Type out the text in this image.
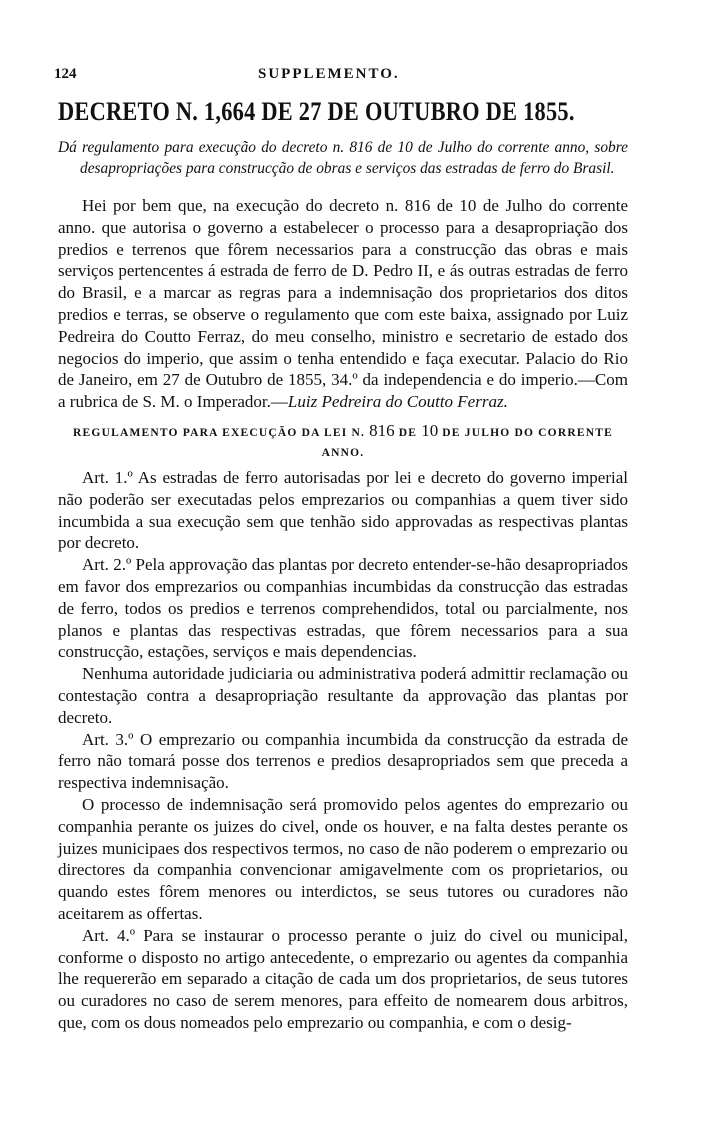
124	SUPPLEMENTO.
DECRETO N. 1,664 DE 27 DE OUTUBRO DE 1855.

Dá regulamento para execução do decreto n. 816 de 10 de Julho do corrente anno, sobre desapropriações para construcção de obras e serviços das estradas de ferro do Brasil.

Hei por bem que, na execução do decreto n. 816 de 10 de Julho do corrente anno. que autorisa o governo a estabelecer o processo para a desapropriação dos predios e terrenos que fôrem necessarios para a construcção das obras e mais serviços pertencentes á estrada de ferro de D. Pedro II, e ás outras estradas de ferro do Brasil, e a marcar as regras para a indemnisação dos proprietarios dos ditos predios e terras, se observe o regulamento que com este baixa, assignado por Luiz Pedreira do Coutto Ferraz, do meu conselho, ministro e secretario de estado dos negocios do imperio, que assim o tenha entendido e faça executar. Palacio do Rio de Janeiro, em 27 de Outubro de 1855, 34.º da independencia e do imperio.—Com a rubrica de S. M. o Imperador.—Luiz Pedreira do Coutto Ferraz.

REGULAMENTO PARA EXECUÇÃO DA LEI N. 816 DE 10 DE JULHO DO CORRENTE ANNO.

Art. 1.º As estradas de ferro autorisadas por lei e decreto do governo imperial não poderão ser executadas pelos emprezarios ou companhias a quem tiver sido incumbida a sua execução sem que tenhão sido approvadas as respectivas plantas por decreto.

Art. 2.º Pela approvação das plantas por decreto entender-se-hão desapropriados em favor dos emprezarios ou companhias incumbidas da construcção das estradas de ferro, todos os predios e terrenos comprehendidos, total ou parcialmente, nos planos e plantas das respectivas estradas, que fôrem necessarios para a sua construcção, estações, serviços e mais dependencias.

Nenhuma autoridade judiciaria ou administrativa poderá admittir reclamação ou contestação contra a desapropriação resultante da approvação das plantas por decreto.

Art. 3.º O emprezario ou companhia incumbida da construcção da estrada de ferro não tomará posse dos terrenos e predios desapropriados sem que preceda a respectiva indemnisação.

O processo de indemnisação será promovido pelos agentes do emprezario ou companhia perante os juizes do civel, onde os houver, e na falta destes perante os juizes municipaes dos respectivos termos, no caso de não poderem o emprezario ou directores da companhia convencionar amigavelmente com os proprietarios, ou quando estes fôrem menores ou interdictos, se seus tutores ou curadores não aceitarem as offertas.

Art. 4.º Para se instaurar o processo perante o juiz do civel ou municipal, conforme o disposto no artigo antecedente, o emprezario ou agentes da companhia lhe requererão em separado a citação de cada um dos proprietarios, de seus tutores ou curadores no caso de serem menores, para effeito de nomearem dous arbitros, que, com os dous nomeados pelo emprezario ou companhia, e com o desig-
